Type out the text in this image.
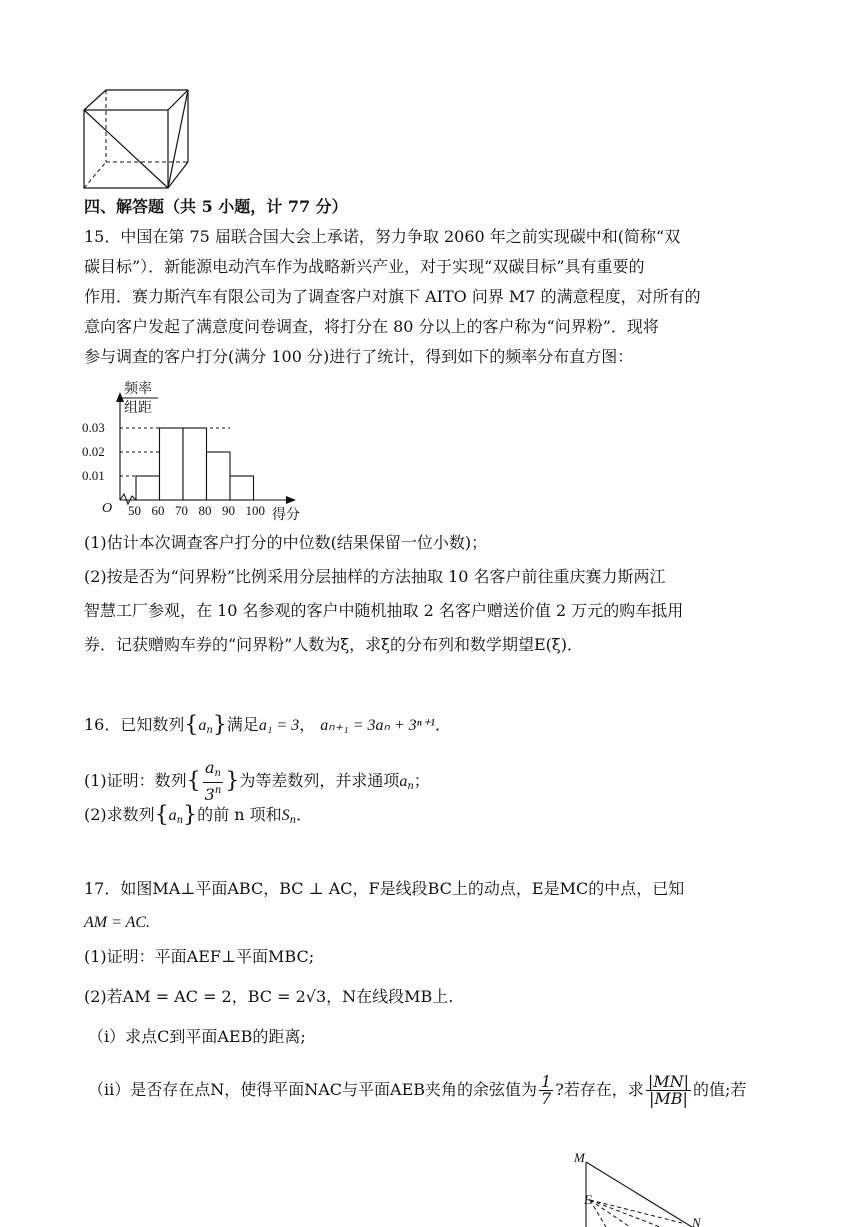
四、解答题（共 5 小题，计 77 分）
15．中国在第 75 届联合国大会上承诺，努力争取 2060 年之前实现碳中和(简称“双
碳目标”）．新能源电动汽车作为战略新兴产业，对于实现“双碳目标”具有重要的
作用．赛力斯汽车有限公司为了调查客户对旗下 AITO 问界 M7 的满意程度，对所有的
意向客户发起了满意度问卷调查，将打分在 80 分以上的客户称为“问界粉”．现将
参与调查的客户打分(满分 100 分)进行了统计，得到如下的频率分布直方图：
0.01
0.02
0.03
50 60 70 80 90 100
频率
组距
O	得分
(1)估计本次调查客户打分的中位数(结果保留一位小数)；
(2)按是否为“问界粉”比例采用分层抽样的方法抽取 10 名客户前往重庆赛力斯两江
智慧工厂参观，在 10 名参观的客户中随机抽取 2 名客户赠送价值 2 万元的购车抵用
券．记获赠购车券的“问界粉”人数为ξ，求ξ的分布列和数学期望E(ξ)．
16．已知数列$\{a_n\}$满足a₁ = 3， aₙ₊₁ = 3aₙ + 3ⁿ⁺¹．
(1)证明：数列{ $\frac{a_n}{3^n}$ }为等差数列，并求通项$a_n$；
(2)求数列$\{a_n\}$的前 n 项和$S_n$．
17．如图MA⊥平面ABC，BC ⊥ AC，F是线段BC上的动点，E是MC的中点，已知
AM = AC.
(1)证明：平面AEF⊥平面MBC;
(2)若AM = AC = 2，BC = 2√3，N在线段MB上.
（i）求点C到平面AEB的距离;
（ii）是否存在点N，使得平面NAC与平面AEB夹角的余弦值为 $\frac{1}{7}$ ?若存在，求 $\frac{|MN|}{|MB|}$ 的值;若
M
E
N
